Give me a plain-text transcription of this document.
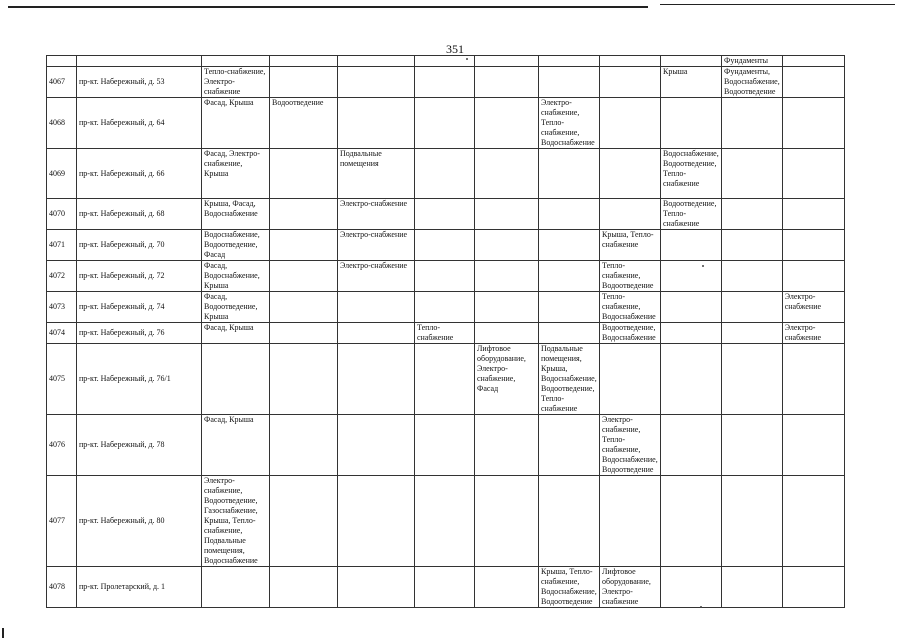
351
										Фундаменты	
4067	пр-кт. Набережный, д. 53	Тепло-снабжение, Электро-снабжение							Крыша	Фундаменты, Водоснабжение, Водоотведение	
4068	пр-кт. Набережный, д. 64	Фасад, Крыша	Водоотведение				Электро-снабжение, Тепло-снабжение, Водоснабжение				
4069	пр-кт. Набережный, д. 66	Фасад, Электро-снабжение, Крыша		Подвальные помещения					Водоснабжение, Водоотведение, Тепло-снабжение		
4070	пр-кт. Набережный, д. 68	Крыша, Фасад, Водоснабжение		Электро-снабжение					Водоотведение, Тепло-снабжение		
4071	пр-кт. Набережный, д. 70	Водоснабжение, Водоотведение, Фасад		Электро-снабжение				Крыша, Тепло-снабжение			
4072	пр-кт. Набережный, д. 72	Фасад, Водоснабжение, Крыша		Электро-снабжение				Тепло-снабжение, Водоотведение			
4073	пр-кт. Набережный, д. 74	Фасад, Водоотведение, Крыша						Тепло-снабжение, Водоснабжение			Электро-снабжение
4074	пр-кт. Набережный, д. 76	Фасад, Крыша			Тепло-снабжение			Водоотведение, Водоснабжение			Электро-снабжение
4075	пр-кт. Набережный, д. 76/1					Лифтовое оборудование, Электро-снабжение, Фасад	Подвальные помещения, Крыша, Водоснабжение, Водоотведение, Тепло-снабжение				
4076	пр-кт. Набережный, д. 78	Фасад, Крыша						Электро-снабжение, Тепло-снабжение, Водоснабжение, Водоотведение			
4077	пр-кт. Набережный, д. 80	Электро-снабжение, Водоотведение, Газоснабжение, Крыша, Тепло-снабжение, Подвальные помещения, Водоснабжение									
4078	пр-кт. Пролетарский, д. 1						Крыша, Тепло-снабжение, Водоснабжение, Водоотведение	Лифтовое оборудование, Электро-снабжение			
